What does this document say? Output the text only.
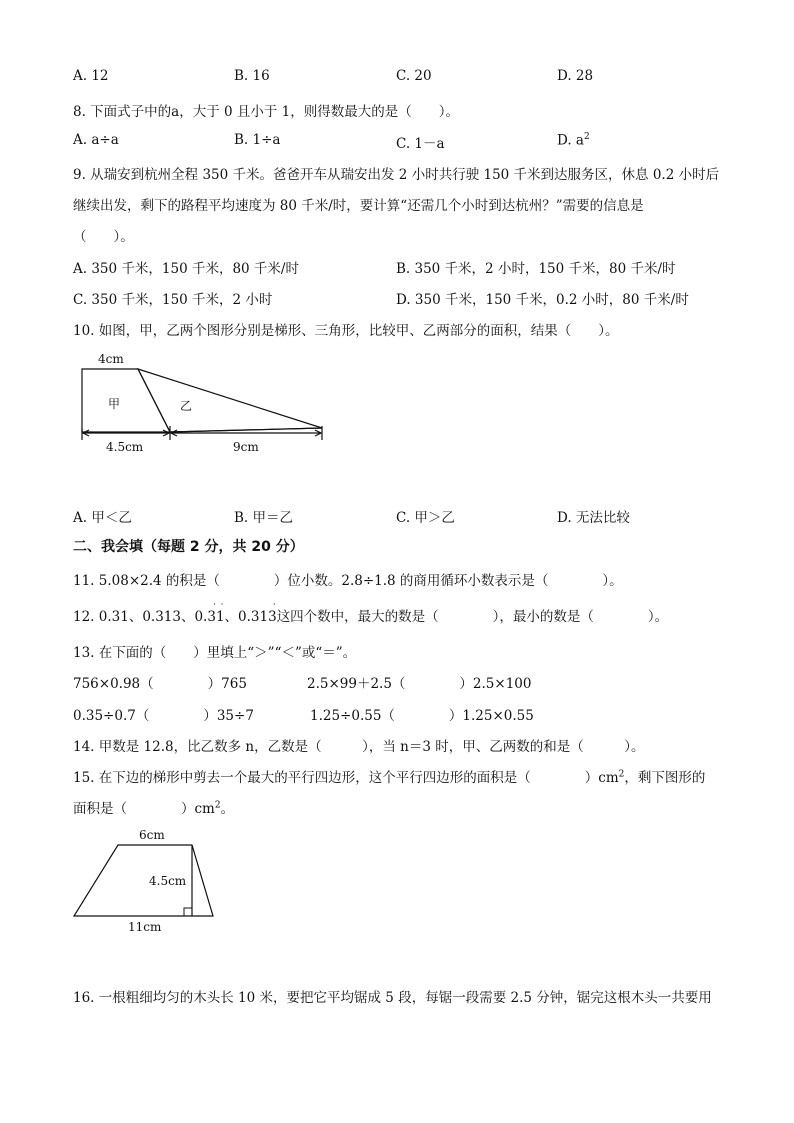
A. 12	B. 16	C. 20	D. 28
8. 下面式子中的a，大于 0 且小于 1，则得数最大的是（　　）。
A. a÷a	B. 1÷a	C. 1－a	D. $a^2$
9. 从瑞安到杭州全程 350 千米。爸爸开车从瑞安出发 2 小时共行驶 150 千米到达服务区，休息 0.2 小时后
继续出发，剩下的路程平均速度为 80 千米/时，要计算“还需几个小时到达杭州？”需要的信息是
（　　）。
A. 350 千米，150 千米，80 千米/时	B. 350 千米，2 小时，150 千米，80 千米/时
C. 350 千米，150 千米，2 小时	D. 350 千米，150 千米，0.2 小时，80 千米/时
10. 如图，甲，乙两个图形分别是梯形、三角形，比较甲、乙两部分的面积，结果（　　）。
4cm
甲	乙
4.5cm	9cm
A. 甲＜乙	B. 甲＝乙	C. 甲＞乙	D. 无法比较
二、我会填（每题 2 分，共 20 分）
11. 5.08×2.4 的积是（　　　　）位小数。2.8÷1.8 的商用循环小数表示是（　　　　）。
12. 0.31、0.313、
· ·
0.31、
·
0.313这四个数中，最大的数是（　　　　），最小的数是（　　　　）。
13. 在下面的（　　）里填上“＞”“＜”或“＝”。
756×0.98（　　　　）765	2.5×99＋2.5（　　　　）2.5×100
0.35÷0.7（　　　　）35÷7	1.25÷0.55（　　　　）1.25×0.55
14. 甲数是 12.8，比乙数多 n，乙数是（　　　），当 n＝3 时，甲、乙两数的和是（　　　）。
15. 在下边的梯形中剪去一个最大的平行四边形，这个平行四边形的面积是（　　　　）$cm^2$，剩下图形的
面积是（　　　　）$cm^2$。
6cm
4.5cm
11cm
16. 一根粗细均匀的木头长 10 米，要把它平均锯成 5 段，每锯一段需要 2.5 分钟，锯完这根木头一共要用
